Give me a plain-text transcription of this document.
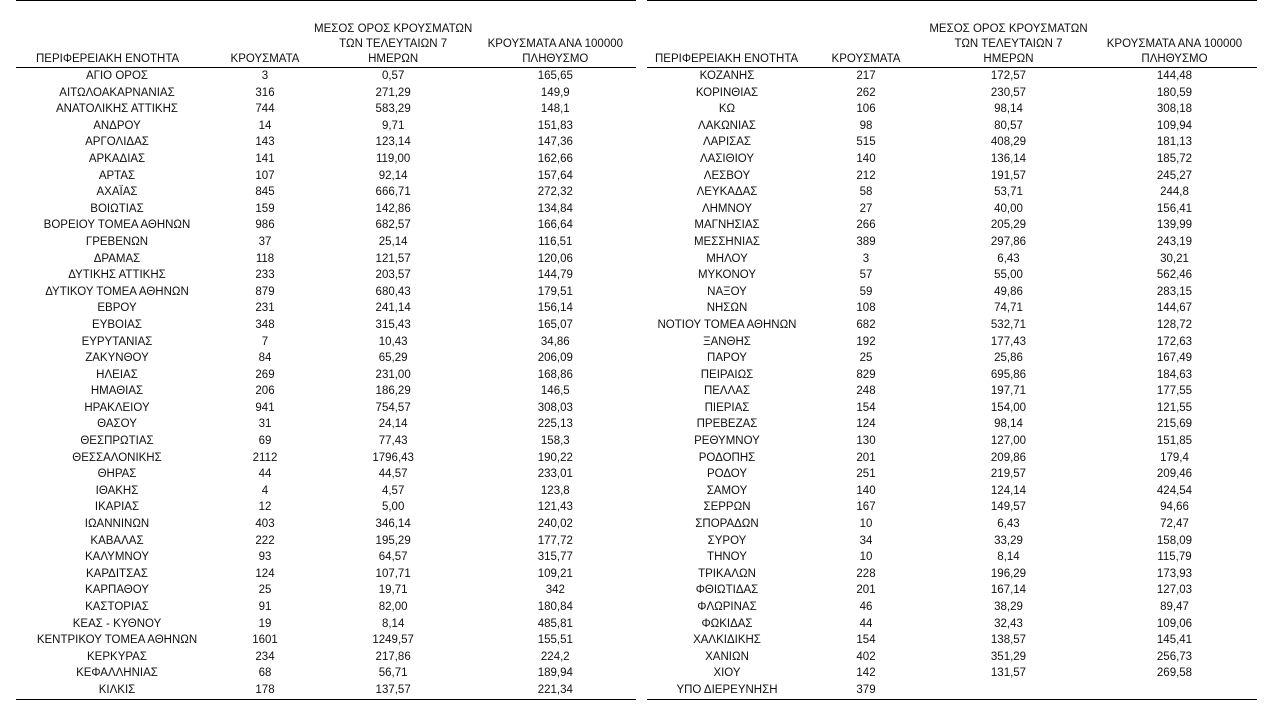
ΠΕΡΙΦΕΡΕΙΑΚΗ ΕΝΟΤΗΤΑ	ΚΡΟΥΣΜΑΤΑ	ΜΕΣΟΣ ΟΡΟΣ ΚΡΟΥΣΜΑΤΩΝ
ΤΩΝ ΤΕΛΕΥΤΑΙΩΝ 7
ΗΜΕΡΩΝ	ΚΡΟΥΣΜΑΤΑ ΑΝΑ 100000
ΠΛΗΘΥΣΜΟ

ΑΓΙΟ ΟΡΟΣ	3	0,57	165,65
ΑΙΤΩΛΟΑΚΑΡΝΑΝΙΑΣ	316	271,29	149,9
ΑΝΑΤΟΛΙΚΗΣ ΑΤΤΙΚΗΣ	744	583,29	148,1
ΑΝΔΡΟΥ	14	9,71	151,83
ΑΡΓΟΛΙΔΑΣ	143	123,14	147,36
ΑΡΚΑΔΙΑΣ	141	119,00	162,66
ΑΡΤΑΣ	107	92,14	157,64
ΑΧΑΪΑΣ	845	666,71	272,32
ΒΟΙΩΤΙΑΣ	159	142,86	134,84
ΒΟΡΕΙΟΥ ΤΟΜΕΑ ΑΘΗΝΩΝ	986	682,57	166,64
ΓΡΕΒΕΝΩΝ	37	25,14	116,51
ΔΡΑΜΑΣ	118	121,57	120,06
ΔΥΤΙΚΗΣ ΑΤΤΙΚΗΣ	233	203,57	144,79
ΔΥΤΙΚΟΥ ΤΟΜΕΑ ΑΘΗΝΩΝ	879	680,43	179,51
ΕΒΡΟΥ	231	241,14	156,14
ΕΥΒΟΙΑΣ	348	315,43	165,07
ΕΥΡΥΤΑΝΙΑΣ	7	10,43	34,86
ΖΑΚΥΝΘΟΥ	84	65,29	206,09
ΗΛΕΙΑΣ	269	231,00	168,86
ΗΜΑΘΙΑΣ	206	186,29	146,5
ΗΡΑΚΛΕΙΟΥ	941	754,57	308,03
ΘΑΣΟΥ	31	24,14	225,13
ΘΕΣΠΡΩΤΙΑΣ	69	77,43	158,3
ΘΕΣΣΑΛΟΝΙΚΗΣ	2112	1796,43	190,22
ΘΗΡΑΣ	44	44,57	233,01
ΙΘΑΚΗΣ	4	4,57	123,8
ΙΚΑΡΙΑΣ	12	5,00	121,43
ΙΩΑΝΝΙΝΩΝ	403	346,14	240,02
ΚΑΒΑΛΑΣ	222	195,29	177,72
ΚΑΛΥΜΝΟΥ	93	64,57	315,77
ΚΑΡΔΙΤΣΑΣ	124	107,71	109,21
ΚΑΡΠΑΘΟΥ	25	19,71	342
ΚΑΣΤΟΡΙΑΣ	91	82,00	180,84
ΚΕΑΣ - ΚΥΘΝΟΥ	19	8,14	485,81
ΚΕΝΤΡΙΚΟΥ ΤΟΜΕΑ ΑΘΗΝΩΝ	1601	1249,57	155,51
ΚΕΡΚΥΡΑΣ	234	217,86	224,2
ΚΕΦΑΛΛΗΝΙΑΣ	68	56,71	189,94
ΚΙΛΚΙΣ	178	137,57	221,34
ΠΕΡΙΦΕΡΕΙΑΚΗ ΕΝΟΤΗΤΑ	ΚΡΟΥΣΜΑΤΑ	ΜΕΣΟΣ ΟΡΟΣ ΚΡΟΥΣΜΑΤΩΝ
ΤΩΝ ΤΕΛΕΥΤΑΙΩΝ 7
ΗΜΕΡΩΝ	ΚΡΟΥΣΜΑΤΑ ΑΝΑ 100000
ΠΛΗΘΥΣΜΟ

ΚΟΖΑΝΗΣ	217	172,57	144,48
ΚΟΡΙΝΘΙΑΣ	262	230,57	180,59
ΚΩ	106	98,14	308,18
ΛΑΚΩΝΙΑΣ	98	80,57	109,94
ΛΑΡΙΣΑΣ	515	408,29	181,13
ΛΑΣΙΘΙΟΥ	140	136,14	185,72
ΛΕΣΒΟΥ	212	191,57	245,27
ΛΕΥΚΑΔΑΣ	58	53,71	244,8
ΛΗΜΝΟΥ	27	40,00	156,41
ΜΑΓΝΗΣΙΑΣ	266	205,29	139,99
ΜΕΣΣΗΝΙΑΣ	389	297,86	243,19
ΜΗΛΟΥ	3	6,43	30,21
ΜΥΚΟΝΟΥ	57	55,00	562,46
ΝΑΞΟΥ	59	49,86	283,15
ΝΗΣΩΝ	108	74,71	144,67
ΝΟΤΙΟΥ ΤΟΜΕΑ ΑΘΗΝΩΝ	682	532,71	128,72
ΞΑΝΘΗΣ	192	177,43	172,63
ΠΑΡΟΥ	25	25,86	167,49
ΠΕΙΡΑΙΩΣ	829	695,86	184,63
ΠΕΛΛΑΣ	248	197,71	177,55
ΠΙΕΡΙΑΣ	154	154,00	121,55
ΠΡΕΒΕΖΑΣ	124	98,14	215,69
ΡΕΘΥΜΝΟΥ	130	127,00	151,85
ΡΟΔΟΠΗΣ	201	209,86	179,4
ΡΟΔΟΥ	251	219,57	209,46
ΣΑΜΟΥ	140	124,14	424,54
ΣΕΡΡΩΝ	167	149,57	94,66
ΣΠΟΡΑΔΩΝ	10	6,43	72,47
ΣΥΡΟΥ	34	33,29	158,09
ΤΗΝΟΥ	10	8,14	115,79
ΤΡΙΚΑΛΩΝ	228	196,29	173,93
ΦΘΙΩΤΙΔΑΣ	201	167,14	127,03
ΦΛΩΡΙΝΑΣ	46	38,29	89,47
ΦΩΚΙΔΑΣ	44	32,43	109,06
ΧΑΛΚΙΔΙΚΗΣ	154	138,57	145,41
ΧΑΝΙΩΝ	402	351,29	256,73
ΧΙΟΥ	142	131,57	269,58
ΥΠΟ ΔΙΕΡΕΥΝΗΣΗ	379		
